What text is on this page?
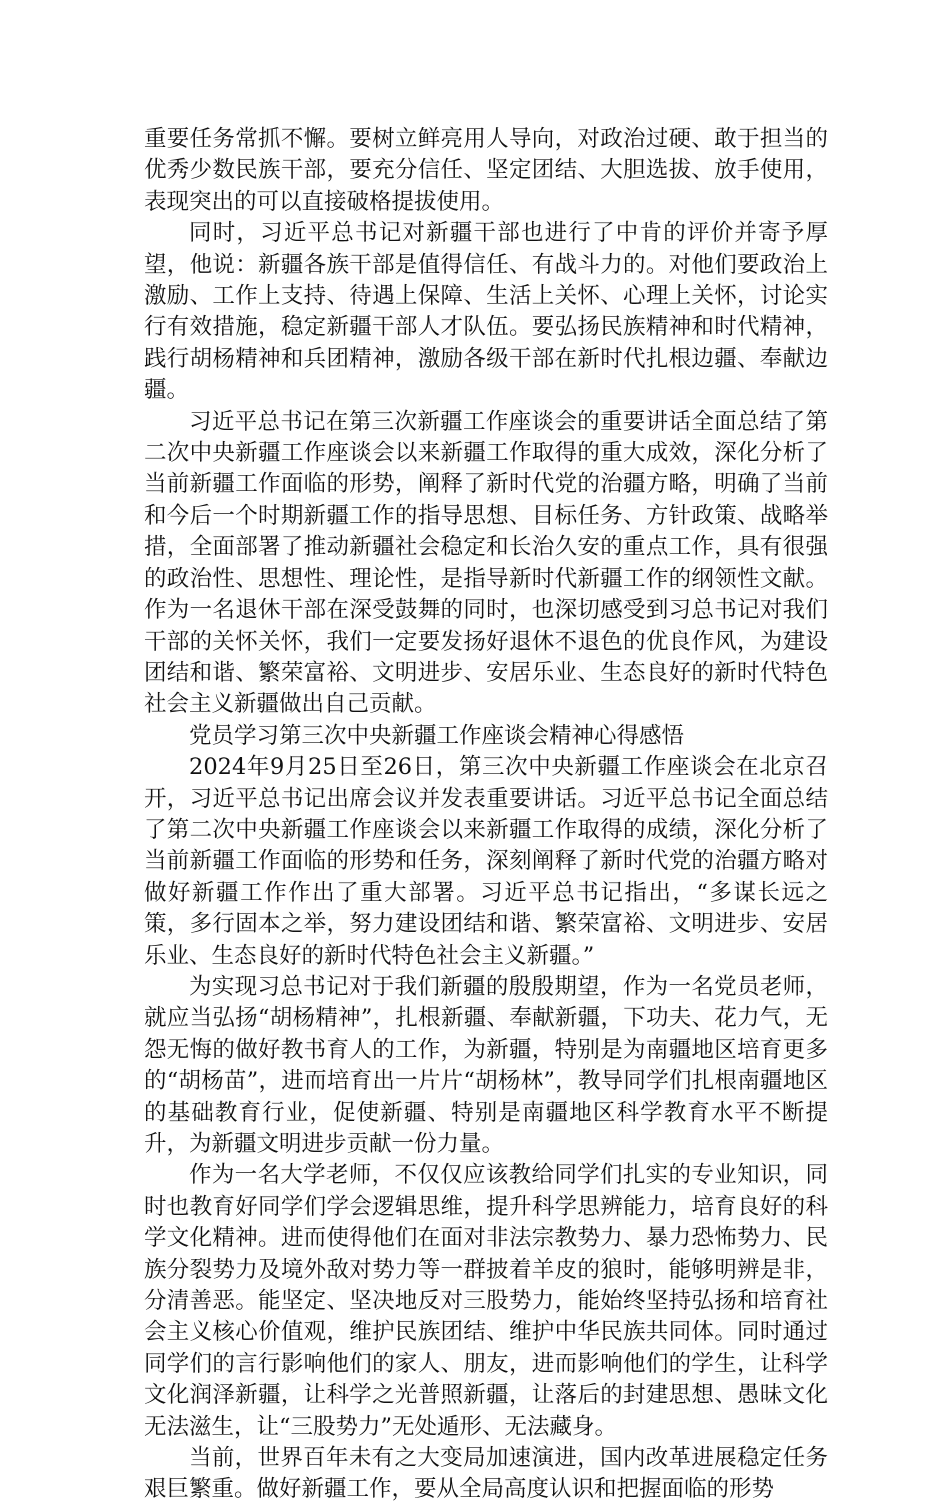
重要任务常抓不懈。要树立鲜亮用人导向，对政治过硬、敢于担当的优秀少数民族干部，要充分信任、坚定团结、大胆选拔、放手使用，表现突出的可以直接破格提拔使用。

同时，习近平总书记对新疆干部也进行了中肯的评价并寄予厚望，他说：新疆各族干部是值得信任、有战斗力的。对他们要政治上激励、工作上支持、待遇上保障、生活上关怀、心理上关怀，讨论实行有效措施，稳定新疆干部人才队伍。要弘扬民族精神和时代精神，践行胡杨精神和兵团精神，激励各级干部在新时代扎根边疆、奉献边疆。

习近平总书记在第三次新疆工作座谈会的重要讲话全面总结了第二次中央新疆工作座谈会以来新疆工作取得的重大成效，深化分析了当前新疆工作面临的形势，阐释了新时代党的治疆方略，明确了当前和今后一个时期新疆工作的指导思想、目标任务、方针政策、战略举措，全面部署了推动新疆社会稳定和长治久安的重点工作，具有很强的政治性、思想性、理论性，是指导新时代新疆工作的纲领性文献。作为一名退休干部在深受鼓舞的同时，也深切感受到习总书记对我们干部的关怀关怀，我们一定要发扬好退休不退色的优良作风，为建设团结和谐、繁荣富裕、文明进步、安居乐业、生态良好的新时代特色社会主义新疆做出自己贡献。

党员学习第三次中央新疆工作座谈会精神心得感悟

2024年9月25日至26日，第三次中央新疆工作座谈会在北京召开，习近平总书记出席会议并发表重要讲话。习近平总书记全面总结了第二次中央新疆工作座谈会以来新疆工作取得的成绩，深化分析了当前新疆工作面临的形势和任务，深刻阐释了新时代党的治疆方略对做好新疆工作作出了重大部署。习近平总书记指出，“多谋长远之策，多行固本之举，努力建设团结和谐、繁荣富裕、文明进步、安居乐业、生态良好的新时代特色社会主义新疆。”

为实现习总书记对于我们新疆的殷殷期望，作为一名党员老师，就应当弘扬“胡杨精神”，扎根新疆、奉献新疆，下功夫、花力气，无怨无悔的做好教书育人的工作，为新疆，特别是为南疆地区培育更多的“胡杨苗”，进而培育出一片片“胡杨林”，教导同学们扎根南疆地区的基础教育行业，促使新疆、特别是南疆地区科学教育水平不断提升，为新疆文明进步贡献一份力量。

作为一名大学老师，不仅仅应该教给同学们扎实的专业知识，同时也教育好同学们学会逻辑思维，提升科学思辨能力，培育良好的科学文化精神。进而使得他们在面对非法宗教势力、暴力恐怖势力、民族分裂势力及境外敌对势力等一群披着羊皮的狼时，能够明辨是非，分清善恶。能坚定、坚决地反对三股势力，能始终坚持弘扬和培育社会主义核心价值观，维护民族团结、维护中华民族共同体。同时通过同学们的言行影响他们的家人、朋友，进而影响他们的学生，让科学文化润泽新疆，让科学之光普照新疆，让落后的封建思想、愚昧文化无法滋生，让“三股势力”无处遁形、无法藏身。

当前，世界百年未有之大变局加速演进，国内改革进展稳定任务艰巨繁重。做好新疆工作，要从全局高度认识和把握面临的形势
